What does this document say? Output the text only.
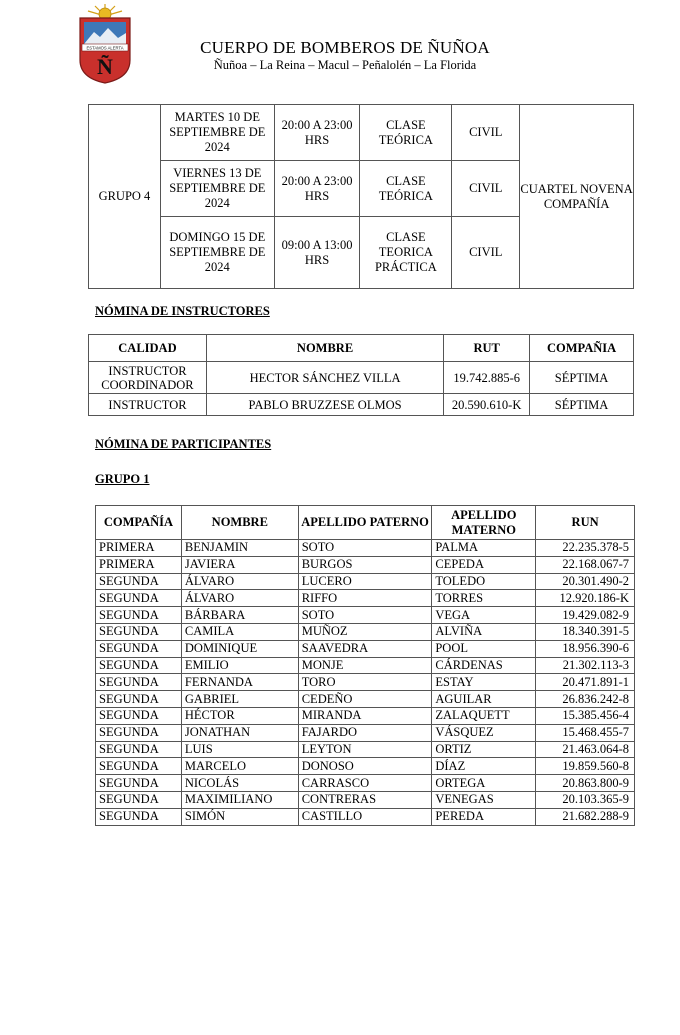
ESTAMOS ALERTA
Ñ
CUERPO DE BOMBEROS DE ÑUÑOA
Ñuñoa – La Reina – Macul – Peñalolén – La Florida
GRUPO 4	MARTES 10 DE SEPTIEMBRE DE 2024	20:00 A 23:00 HRS	CLASE TEÓRICA	CIVIL	CUARTEL NOVENA COMPAÑÍA
	VIERNES 13 DE SEPTIEMBRE DE 2024	20:00 A 23:00 HRS	CLASE TEÓRICA	CIVIL	
	DOMINGO 15 DE SEPTIEMBRE DE 2024	09:00 A 13:00 HRS	CLASE TEORICA PRÁCTICA	CIVIL	
NÓMINA DE INSTRUCTORES
CALIDAD	NOMBRE	RUT	COMPAÑIA
INSTRUCTOR COORDINADOR	HECTOR SÁNCHEZ VILLA	19.742.885-6	SÉPTIMA
INSTRUCTOR	PABLO BRUZZESE OLMOS	20.590.610-K	SÉPTIMA
NÓMINA DE PARTICIPANTES
GRUPO 1
COMPAÑÍA	NOMBRE	APELLIDO PATERNO	APELLIDO MATERNO	RUN
PRIMERA	BENJAMIN	SOTO	PALMA	22.235.378-5
PRIMERA	JAVIERA	BURGOS	CEPEDA	22.168.067-7
SEGUNDA	ÁLVARO	LUCERO	TOLEDO	20.301.490-2
SEGUNDA	ÁLVARO	RIFFO	TORRES	12.920.186-K
SEGUNDA	BÁRBARA	SOTO	VEGA	19.429.082-9
SEGUNDA	CAMILA	MUÑOZ	ALVIÑA	18.340.391-5
SEGUNDA	DOMINIQUE	SAAVEDRA	POOL	18.956.390-6
SEGUNDA	EMILIO	MONJE	CÁRDENAS	21.302.113-3
SEGUNDA	FERNANDA	TORO	ESTAY	20.471.891-1
SEGUNDA	GABRIEL	CEDEÑO	AGUILAR	26.836.242-8
SEGUNDA	HÉCTOR	MIRANDA	ZALAQUETT	15.385.456-4
SEGUNDA	JONATHAN	FAJARDO	VÁSQUEZ	15.468.455-7
SEGUNDA	LUIS	LEYTON	ORTIZ	21.463.064-8
SEGUNDA	MARCELO	DONOSO	DÍAZ	19.859.560-8
SEGUNDA	NICOLÁS	CARRASCO	ORTEGA	20.863.800-9
SEGUNDA	MAXIMILIANO	CONTRERAS	VENEGAS	20.103.365-9
SEGUNDA	SIMÓN	CASTILLO	PEREDA	21.682.288-9
